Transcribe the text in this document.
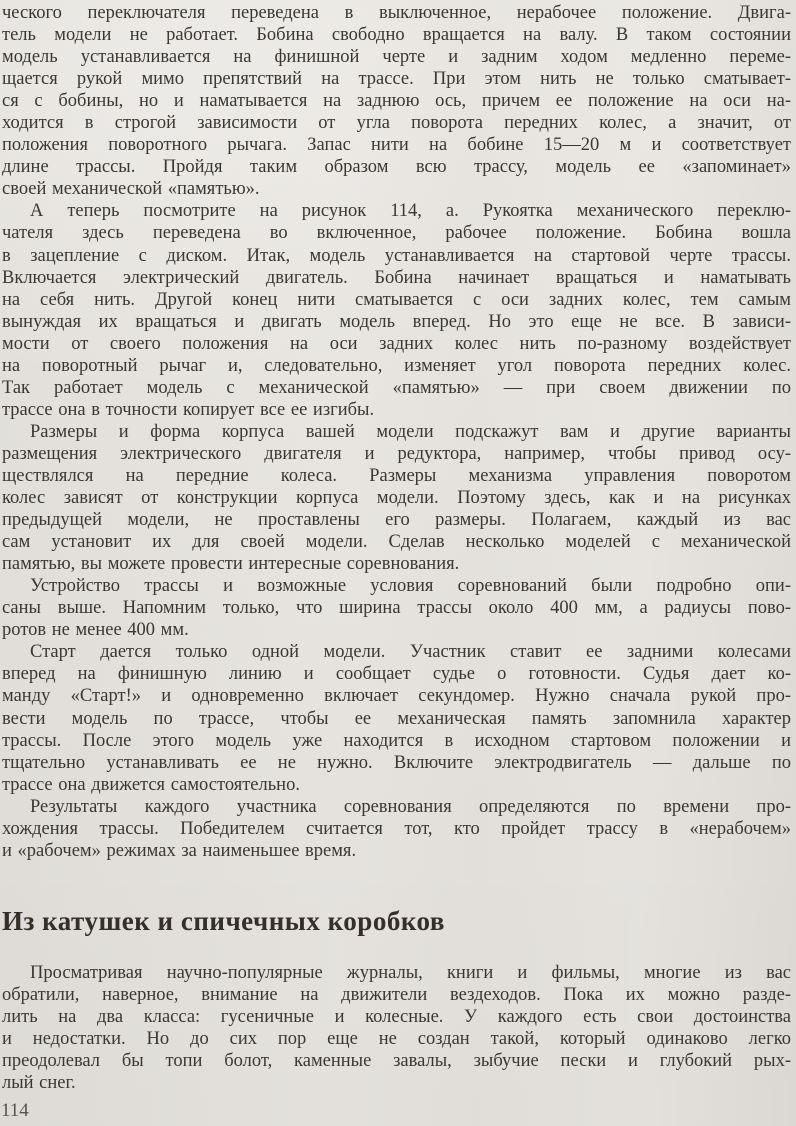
ческого переключателя переведена в выключенное, нерабочее положение. Двига-
тель модели не работает. Бобина свободно вращается на валу. В таком состоянии
модель устанавливается на финишной черте и задним ходом медленно переме-
щается рукой мимо препятствий на трассе. При этом нить не только сматывает-
ся с бобины, но и наматывается на заднюю ось, причем ее положение на оси на-
ходится в строгой зависимости от угла поворота передних колес, а значит, от
положения поворотного рычага. Запас нити на бобине 15—20 м и соответствует
длине трассы. Пройдя таким образом всю трассу, модель ее «запоминает»
своей механической «памятью».

А теперь посмотрите на рисунок 114, а. Рукоятка механического переклю-
чателя здесь переведена во включенное, рабочее положение. Бобина вошла
в зацепление с диском. Итак, модель устанавливается на стартовой черте трассы.
Включается электрический двигатель. Бобина начинает вращаться и наматывать
на себя нить. Другой конец нити сматывается с оси задних колес, тем самым
вынуждая их вращаться и двигать модель вперед. Но это еще не все. В зависи-
мости от своего положения на оси задних колес нить по-разному воздействует
на поворотный рычаг и, следовательно, изменяет угол поворота передних колес.
Так работает модель с механической «памятью» — при своем движении по
трассе она в точности копирует все ее изгибы.

Размеры и форма корпуса вашей модели подскажут вам и другие варианты
размещения электрического двигателя и редуктора, например, чтобы привод осу-
ществлялся на передние колеса. Размеры механизма управления поворотом
колес зависят от конструкции корпуса модели. Поэтому здесь, как и на рисунках
предыдущей модели, не проставлены его размеры. Полагаем, каждый из вас
сам установит их для своей модели. Сделав несколько моделей с механической
памятью, вы можете провести интересные соревнования.

Устройство трассы и возможные условия соревнований были подробно опи-
саны выше. Напомним только, что ширина трассы около 400 мм, а радиусы пово-
ротов не менее 400 мм.

Старт дается только одной модели. Участник ставит ее задними колесами
вперед на финишную линию и сообщает судье о готовности. Судья дает ко-
манду «Старт!» и одновременно включает секундомер. Нужно сначала рукой про-
вести модель по трассе, чтобы ее механическая память запомнила характер
трассы. После этого модель уже находится в исходном стартовом положении и
тщательно устанавливать ее не нужно. Включите электродвигатель — дальше по
трассе она движется самостоятельно.

Результаты каждого участника соревнования определяются по времени про-
хождения трассы. Победителем считается тот, кто пройдет трассу в «нерабочем»
и «рабочем» режимах за наименьшее время.

Из катушек и спичечных коробков

Просматривая научно-популярные журналы, книги и фильмы, многие из вас
обратили, наверное, внимание на движители вездеходов. Пока их можно разде-
лить на два класса: гусеничные и колесные. У каждого есть свои достоинства
и недостатки. Но до сих пор еще не создан такой, который одинаково легко
преодолевал бы топи болот, каменные завалы, зыбучие пески и глубокий рых-
лый снег.

114
